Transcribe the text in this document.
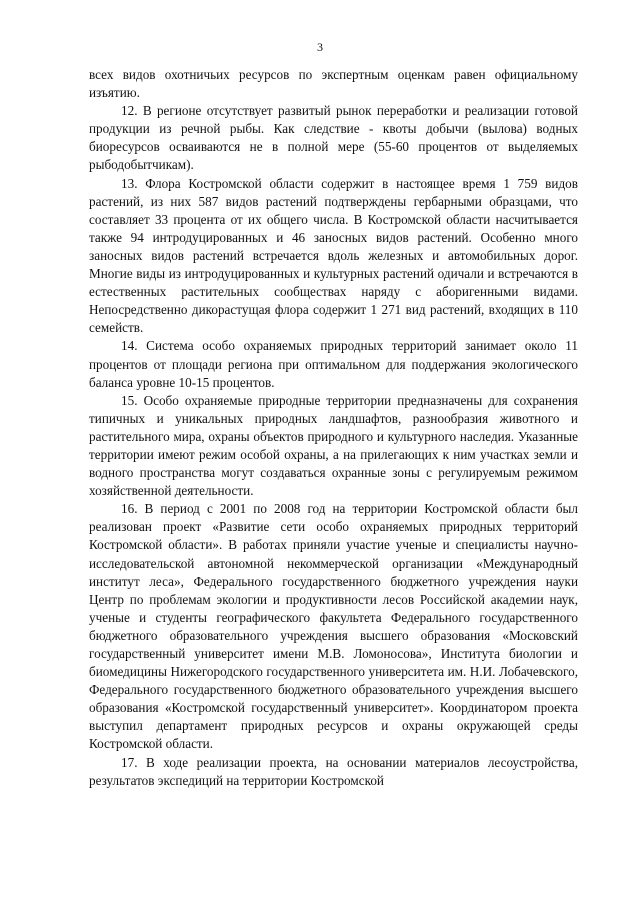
3

всех видов охотничьих ресурсов по экспертным оценкам равен официальному изъятию.

12. В регионе отсутствует развитый рынок переработки и реализации готовой продукции из речной рыбы. Как следствие - квоты добычи (вылова) водных биоресурсов осваиваются не в полной мере (55-60 процентов от выделяемых рыбодобытчикам).

13. Флора Костромской области содержит в настоящее время 1 759 видов растений, из них 587 видов растений подтверждены гербарными образцами, что составляет 33 процента от их общего числа. В Костромской области насчитывается также 94 интродуцированных и 46 заносных видов растений. Особенно много заносных видов растений встречается вдоль железных и автомобильных дорог. Многие виды из интродуцированных и культурных растений одичали и встречаются в естественных растительных сообществах наряду с аборигенными видами. Непосредственно дикорастущая флора содержит 1 271 вид растений, входящих в 110 семейств.

14. Система особо охраняемых природных территорий занимает около 11 процентов от площади региона при оптимальном для поддержания экологического баланса уровне 10-15 процентов.

15. Особо охраняемые природные территории предназначены для сохранения типичных и уникальных природных ландшафтов, разнообразия животного и растительного мира, охраны объектов природного и культурного наследия. Указанные территории имеют режим особой охраны, а на прилегающих к ним участках земли и водного пространства могут создаваться охранные зоны с регулируемым режимом хозяйственной деятельности.

16. В период с 2001 по 2008 год на территории Костромской области был реализован проект «Развитие сети особо охраняемых природных территорий Костромской области». В работах приняли участие ученые и специалисты научно-исследовательской автономной некоммерческой организации «Международный институт леса», Федерального государственного бюджетного учреждения науки Центр по проблемам экологии и продуктивности лесов Российской академии наук, ученые и студенты географического факультета Федерального государственного бюджетного образовательного учреждения высшего образования «Московский государственный университет имени М.В. Ломоносова», Института биологии и биомедицины Нижегородского государственного университета им. Н.И. Лобачевского, Федерального государственного бюджетного образовательного учреждения высшего образования «Костромской государственный университет». Координатором проекта выступил департамент природных ресурсов и охраны окружающей среды Костромской области.

17. В ходе реализации проекта, на основании материалов лесоустройства, результатов экспедиций на территории Костромской
